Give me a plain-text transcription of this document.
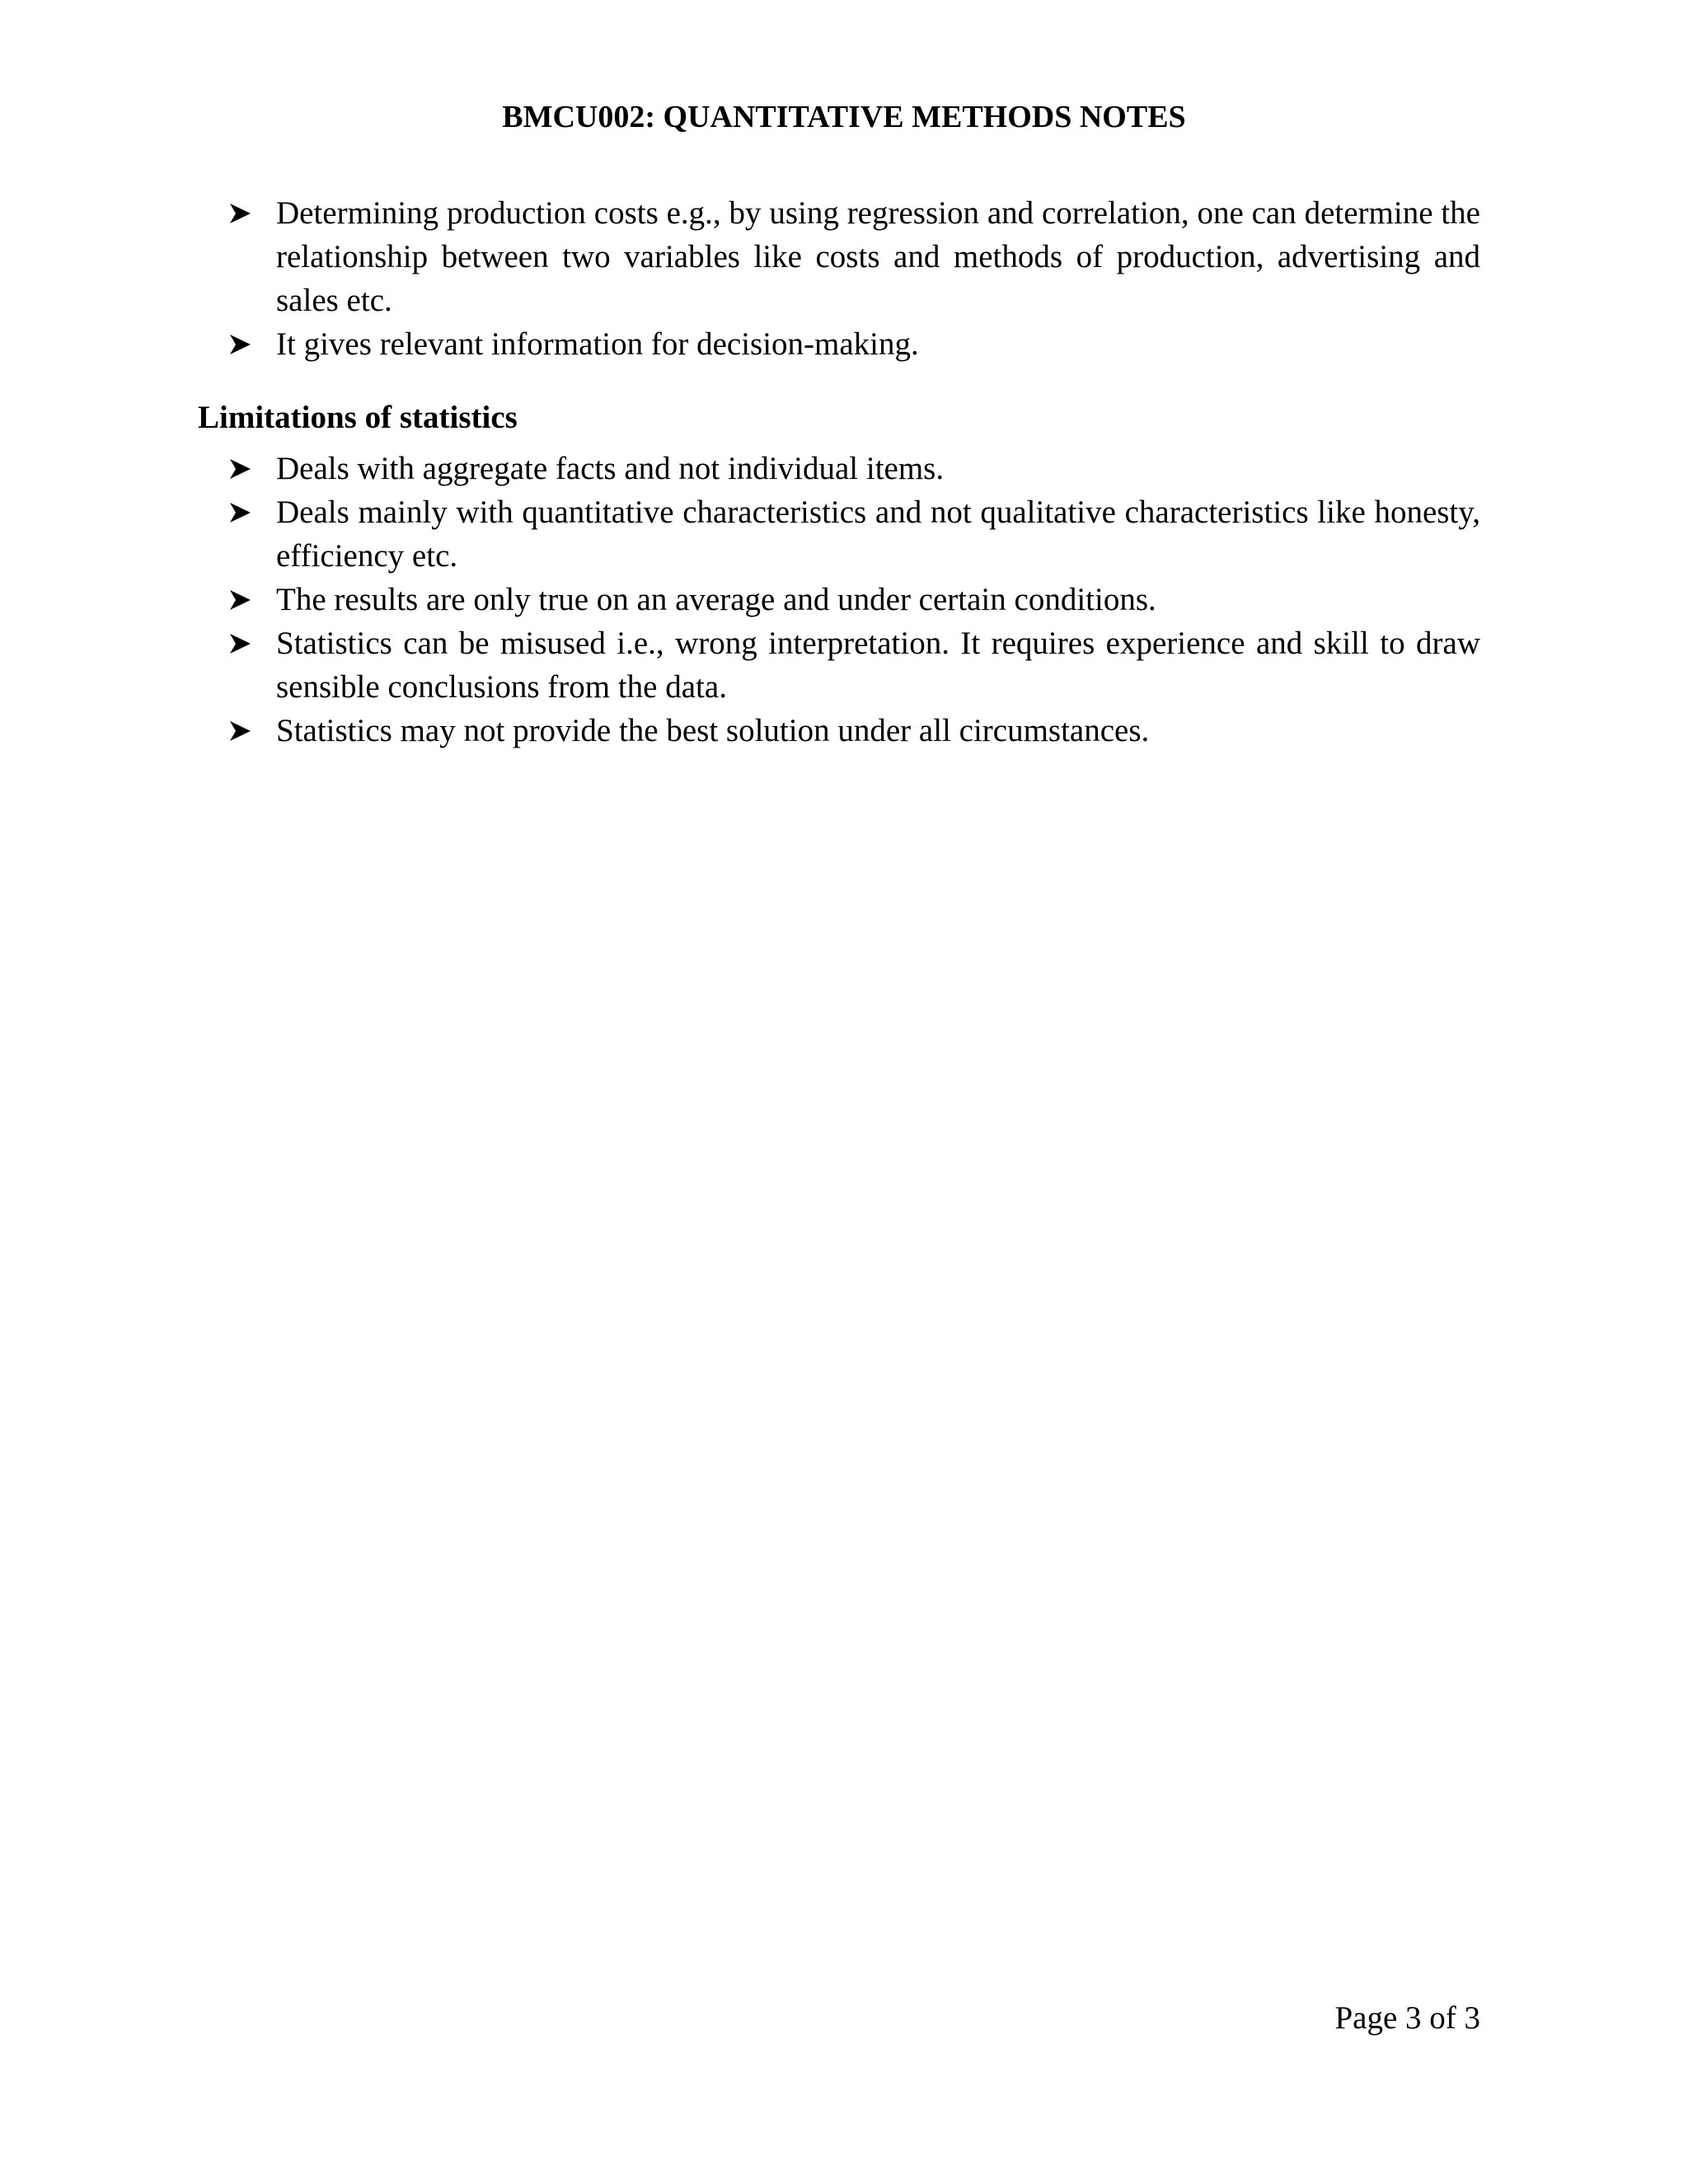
BMCU002: QUANTITATIVE METHODS NOTES
Determining production costs e.g., by using regression and correlation, one can determine the relationship between two variables like costs and methods of production, advertising and sales etc.
It gives relevant information for decision-making.
Limitations of statistics
Deals with aggregate facts and not individual items.
Deals mainly with quantitative characteristics and not qualitative characteristics like honesty, efficiency etc.
The results are only true on an average and under certain conditions.
Statistics can be misused i.e., wrong interpretation. It requires experience and skill to draw sensible conclusions from the data.
Statistics may not provide the best solution under all circumstances.
Page 3 of 3
